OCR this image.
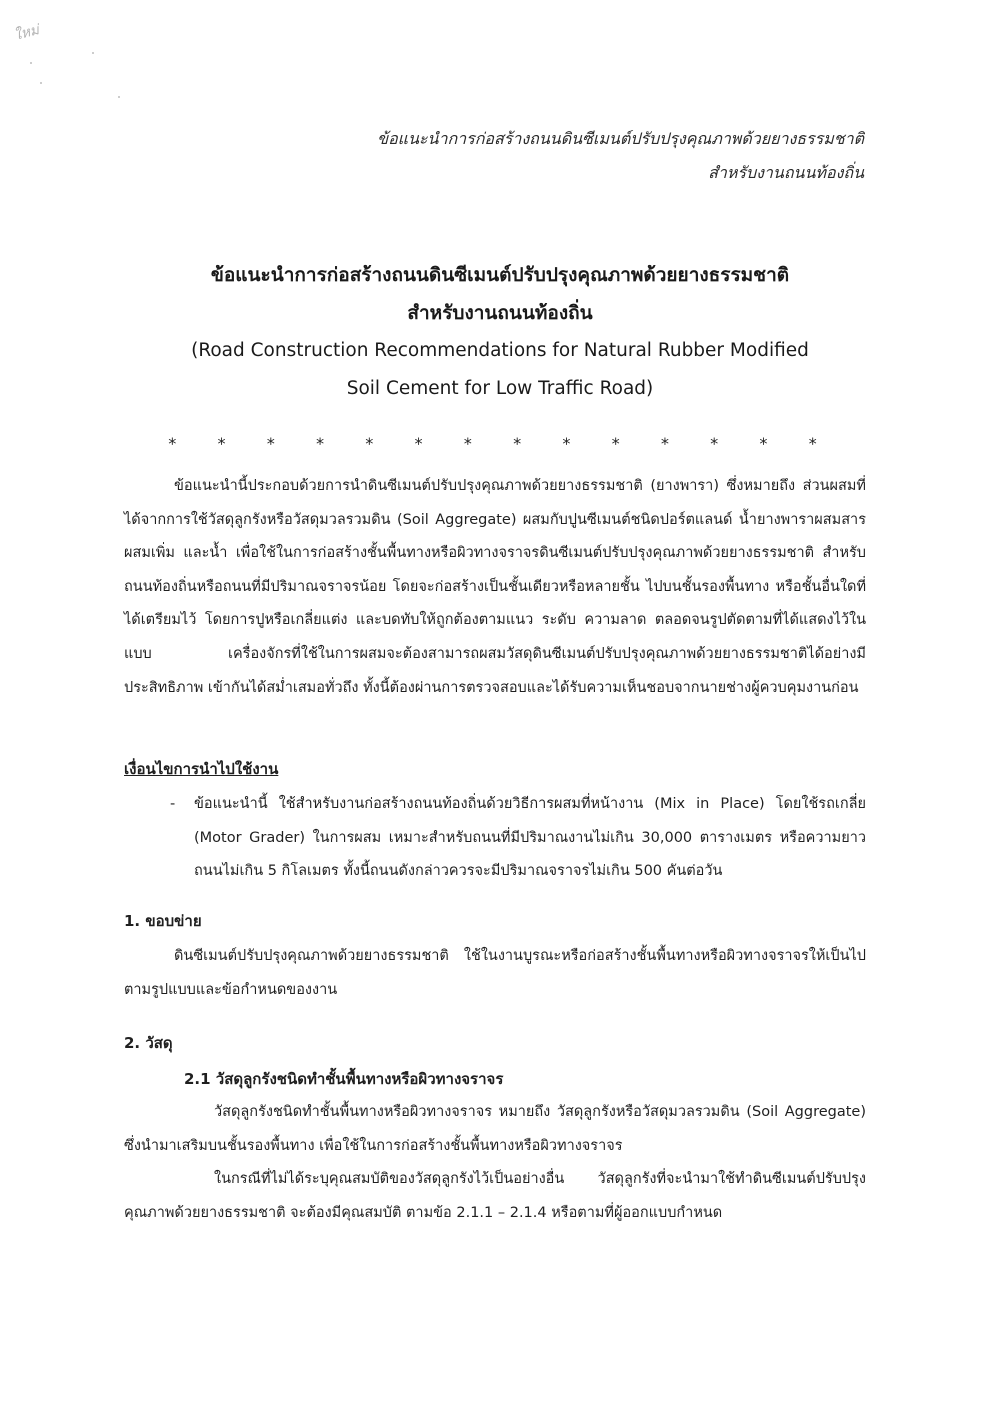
ใหม่
ข้อแนะนำการก่อสร้างถนนดินซีเมนต์ปรับปรุงคุณภาพด้วยยางธรรมชาติ
สำหรับงานถนนท้องถิ่น
ข้อแนะนำการก่อสร้างถนนดินซีเมนต์ปรับปรุงคุณภาพด้วยยางธรรมชาติ
สำหรับงานถนนท้องถิ่น
(Road Construction Recommendations for Natural Rubber Modified
Soil Cement for Low Traffic Road)
* * * * * * * * * * * * * *
ข้อแนะนำนี้ประกอบด้วยการนำดินซีเมนต์ปรับปรุงคุณภาพด้วยยางธรรมชาติ (ยางพารา) ซึ่งหมายถึง ส่วนผสมที่ได้จากการใช้วัสดุลูกรังหรือวัสดุมวลรวมดิน (Soil Aggregate) ผสมกับปูนซีเมนต์ชนิดปอร์ตแลนด์ น้ำยางพาราผสมสารผสมเพิ่ม และน้ำ เพื่อใช้ในการก่อสร้างชั้นพื้นทางหรือผิวทางจราจรดินซีเมนต์ปรับปรุงคุณภาพด้วยยางธรรมชาติ สำหรับถนนท้องถิ่นหรือถนนที่มีปริมาณจราจรน้อย โดยจะก่อสร้างเป็นชั้นเดียวหรือหลายชั้น ไปบนชั้นรองพื้นทาง หรือชั้นอื่นใดที่ได้เตรียมไว้ โดยการปูหรือเกลี่ยแต่ง และบดทับให้ถูกต้องตามแนว ระดับ ความลาด ตลอดจนรูปตัดตามที่ได้แสดงไว้ในแบบ เครื่องจักรที่ใช้ในการผสมจะต้องสามารถผสมวัสดุดินซีเมนต์ปรับปรุงคุณภาพด้วยยางธรรมชาติได้อย่างมีประสิทธิภาพ เข้ากันได้สม่ำเสมอทั่วถึง ทั้งนี้ต้องผ่านการตรวจสอบและได้รับความเห็นชอบจากนายช่างผู้ควบคุมงานก่อน
เงื่อนไขการนำไปใช้งาน
- ข้อแนะนำนี้ ใช้สำหรับงานก่อสร้างถนนท้องถิ่นด้วยวิธีการผสมที่หน้างาน (Mix in Place) โดยใช้รถเกลี่ย (Motor Grader) ในการผสม เหมาะสำหรับถนนที่มีปริมาณงานไม่เกิน 30,000 ตารางเมตร หรือความยาวถนนไม่เกิน 5 กิโลเมตร ทั้งนี้ถนนดังกล่าวควรจะมีปริมาณจราจรไม่เกิน 500 คันต่อวัน
1. ขอบข่าย
ดินซีเมนต์ปรับปรุงคุณภาพด้วยยางธรรมชาติ ใช้ในงานบูรณะหรือก่อสร้างชั้นพื้นทางหรือผิวทางจราจรให้เป็นไปตามรูปแบบและข้อกำหนดของงาน
2. วัสดุ
2.1 วัสดุลูกรังชนิดทำชั้นพื้นทางหรือผิวทางจราจร
วัสดุลูกรังชนิดทำชั้นพื้นทางหรือผิวทางจราจร หมายถึง วัสดุลูกรังหรือวัสดุมวลรวมดิน (Soil Aggregate) ซึ่งนำมาเสริมบนชั้นรองพื้นทาง เพื่อใช้ในการก่อสร้างชั้นพื้นทางหรือผิวทางจราจร
ในกรณีที่ไม่ได้ระบุคุณสมบัติของวัสดุลูกรังไว้เป็นอย่างอื่น วัสดุลูกรังที่จะนำมาใช้ทำดินซีเมนต์ปรับปรุงคุณภาพด้วยยางธรรมชาติ จะต้องมีคุณสมบัติ ตามข้อ 2.1.1 – 2.1.4 หรือตามที่ผู้ออกแบบกำหนด
